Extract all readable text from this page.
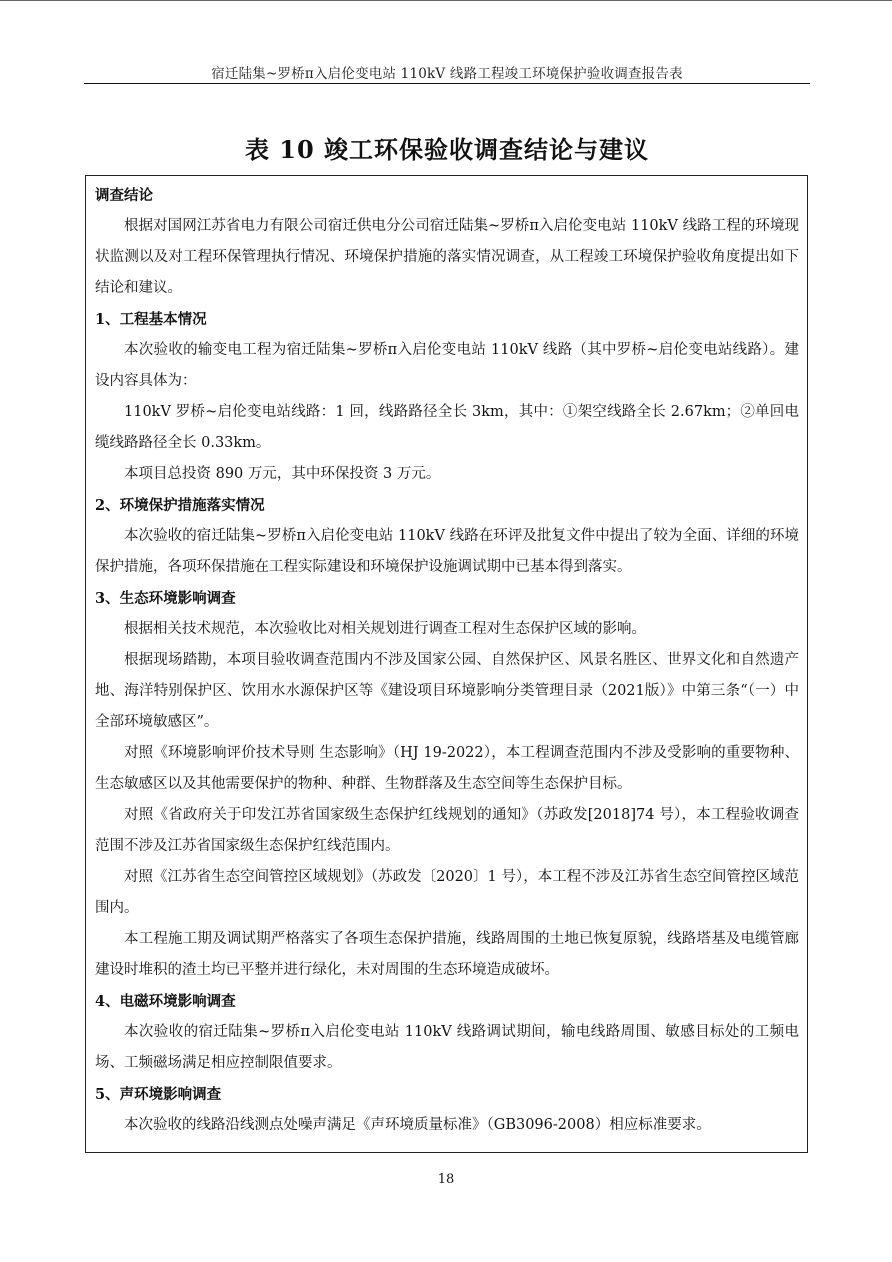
宿迁陆集~罗桥π入启伦变电站 110kV 线路工程竣工环境保护验收调查报告表
表 10 竣工环保验收调查结论与建议
调查结论

根据对国网江苏省电力有限公司宿迁供电分公司宿迁陆集~罗桥π入启伦变电站 110kV 线路工程的环境现状监测以及对工程环保管理执行情况、环境保护措施的落实情况调查，从工程竣工环境保护验收角度提出如下结论和建议。

1、工程基本情况

本次验收的输变电工程为宿迁陆集~罗桥π入启伦变电站 110kV 线路（其中罗桥~启伦变电站线路）。建设内容具体为：

110kV 罗桥~启伦变电站线路：1 回，线路路径全长 3km，其中：①架空线路全长 2.67km；②单回电缆线路路径全长 0.33km。

本项目总投资 890 万元，其中环保投资 3 万元。

2、环境保护措施落实情况

本次验收的宿迁陆集~罗桥π入启伦变电站 110kV 线路在环评及批复文件中提出了较为全面、详细的环境保护措施，各项环保措施在工程实际建设和环境保护设施调试期中已基本得到落实。

3、生态环境影响调查

根据相关技术规范，本次验收比对相关规划进行调查工程对生态保护区域的影响。

根据现场踏勘，本项目验收调查范围内不涉及国家公园、自然保护区、风景名胜区、世界文化和自然遗产地、海洋特别保护区、饮用水水源保护区等《建设项目环境影响分类管理目录（2021版）》中第三条“（一）中全部环境敏感区”。

对照《环境影响评价技术导则 生态影响》（HJ 19-2022），本工程调查范围内不涉及受影响的重要物种、生态敏感区以及其他需要保护的物种、种群、生物群落及生态空间等生态保护目标。

对照《省政府关于印发江苏省国家级生态保护红线规划的通知》（苏政发[2018]74 号），本工程验收调查范围不涉及江苏省国家级生态保护红线范围内。

对照《江苏省生态空间管控区域规划》（苏政发〔2020〕1 号），本工程不涉及江苏省生态空间管控区域范围内。

本工程施工期及调试期严格落实了各项生态保护措施，线路周围的土地已恢复原貌，线路塔基及电缆管廊建设时堆积的渣土均已平整并进行绿化，未对周围的生态环境造成破坏。

4、电磁环境影响调查

本次验收的宿迁陆集~罗桥π入启伦变电站 110kV 线路调试期间，输电线路周围、敏感目标处的工频电场、工频磁场满足相应控制限值要求。

5、声环境影响调查

本次验收的线路沿线测点处噪声满足《声环境质量标准》（GB3096-2008）相应标准要求。

18
